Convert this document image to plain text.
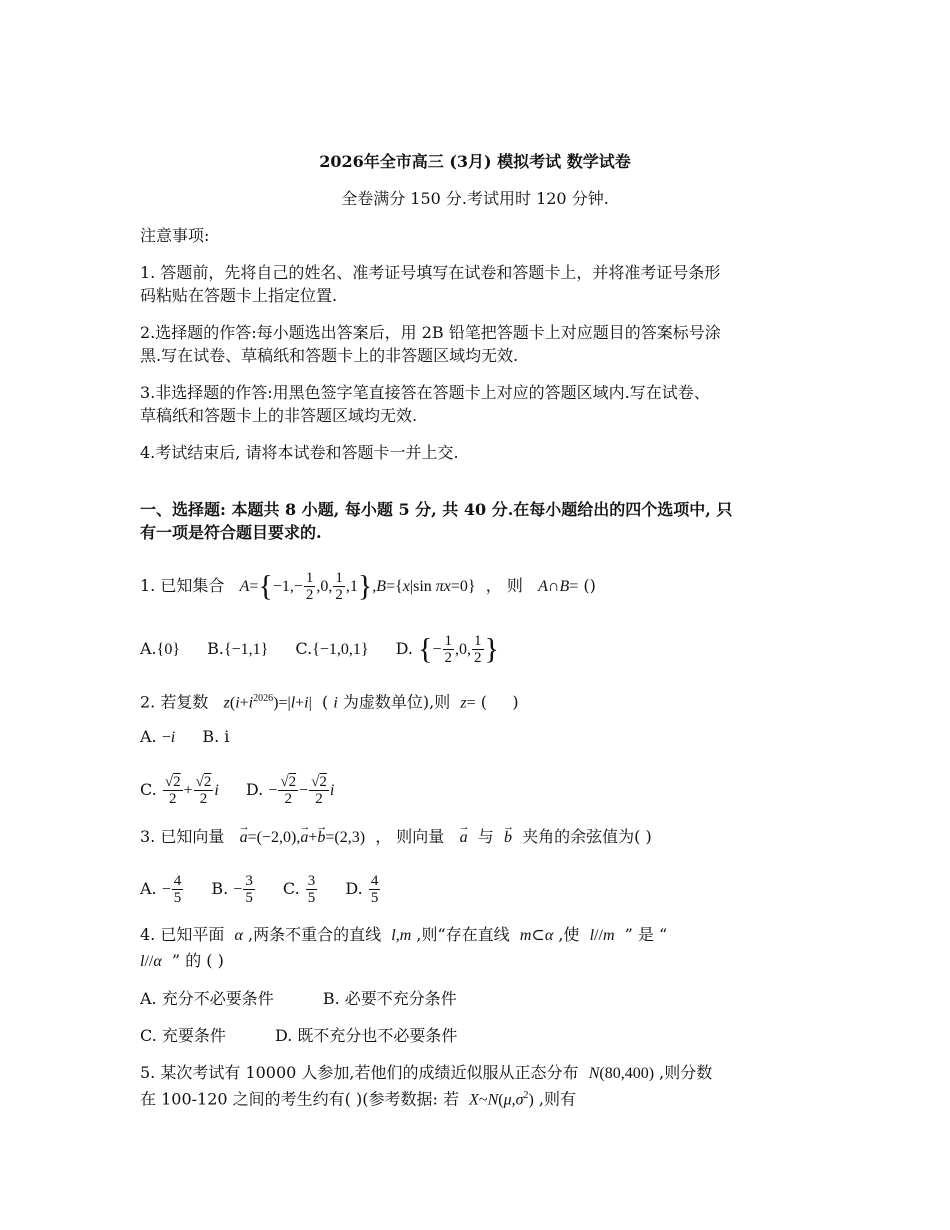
2026年全市高三 (3月) 模拟考试 数学试卷
全卷满分 150 分.考试用时 120 分钟.
注意事项:
1. 答题前，先将自己的姓名、准考证号填写在试卷和答题卡上，并将准考证号条形
码粘贴在答题卡上指定位置.
2.选择题的作答:每小题选出答案后，用 2B 铅笔把答题卡上对应题目的答案标号涂
黑.写在试卷、草稿纸和答题卡上的非答题区域均无效.
3.非选择题的作答:用黑色签字笔直接答在答题卡上对应的答题区域内.写在试卷、
草稿纸和答题卡上的非答题区域均无效.
4.考试结束后, 请将本试卷和答题卡一并上交.
一、选择题: 本题共 8 小题, 每小题 5 分, 共 40 分.在每小题给出的四个选项中, 只
有一项是符合题目要求的.
1. 已知集合 $A=\{-1,- \frac{1}{2} ,0$, $\frac{1}{2} ,1\},B=\{x|\sin$ πx=0} ， 则 A∩B= ()
A.{0} B.{−1,1} C.{−1,0,1} D. {− $\frac{1}{2} ,0$, $\frac{1}{2}$ }
2. 若复数 $z(i+i^{2026})=|l+i|$  ( i 为虚数单位),则 z= (     )
A. −i B. i
C. $\frac{√2}{2} + \frac{√2}{2}$ i D. − $\frac{√2}{2} - \frac{√2}{2}$ i
3. 已知向量 → a=(−2,0),→ a+→ b=(2,3) ， 则向量 → a 与 → b 夹角的余弦值为( )
A. − $\frac{4}{5} B$. − $\frac{3}{5} C$. $\frac{3}{5} D$. $\frac{4}{5}$
4. 已知平面 α ,两条不重合的直线 l,m ,则“存在直线 m⊂α ,使 l//m ” 是 “
l//α ” 的 ( )
A. 充分不必要条件	B. 必要不充分条件
C. 充要条件	D. 既不充分也不必要条件
5. 某次考试有 10000 人参加,若他们的成绩近似服从正态分布 N(80,400) ,则分数
在 100-120 之间的考生约有( )(参考数据: 若 $X\sim N(\mu,\sigma^2)$ ,则有
